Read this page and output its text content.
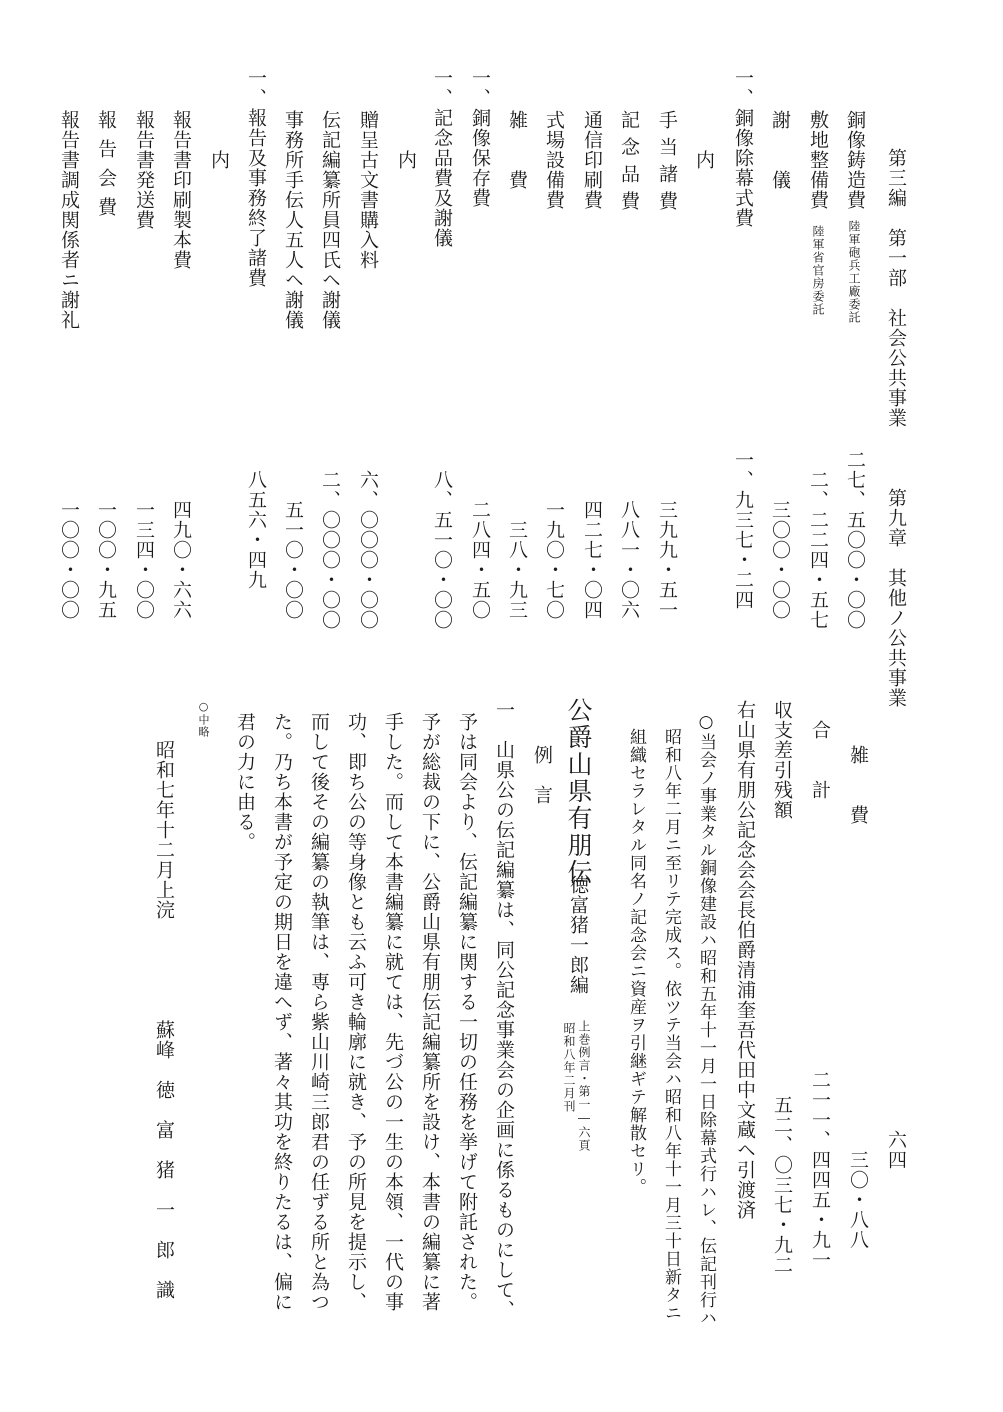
第三編　第一部　社会公共事業　　　第九章　其他ノ公共事業
六四
銅像鋳造費
陸軍砲兵工廠委託
敷地整備費
陸軍省官房委託
謝　　儀
一、銅像除幕式費
内
手当諸費
記念品費
通信印刷費
式場設備費
雑　　費
一、銅像保存費
一、記念品費及謝儀
内
贈呈古文書購入料
伝記編纂所員四氏ヘ謝儀
事務所手伝人五人ヘ謝儀
一、報告及事務終了諸費
内
報告書印刷製本費
報告書発送費
報告会費
報告書調成関係者ニ謝礼
二七、五〇〇・〇〇
二、二二四・五七
三〇〇・〇〇
一、九三七・二四
三九九・五一
八八一・〇六
四二七・〇四
一九〇・七〇
三八・九三
二八四・五〇
八、五一〇・〇〇
六、〇〇〇・〇〇
二、〇〇〇・〇〇
五一〇・〇〇
八五六・四九
四九〇・六六
一三四・〇〇
一〇〇・九五
一〇〇・〇〇
雑　　費
三〇・八八
合　　計
二一一、四四五・九一
収支差引残額
五二、〇三七・九二
右山県有朋公記念会会長伯爵清浦奎吾代田中文蔵ヘ引渡済
○当会ノ事業タル銅像建設ハ昭和五年十一月一日除幕式行ハレ、伝記刊行ハ
昭和八年二月ニ至リテ完成ス。依ツテ当会ハ昭和八年十一月三十日新タニ
組織セラレタル同名ノ記念会ニ資産ヲ引継ギテ解散セリ。
公爵山県有朋伝
徳富猪一郎編
上巻例言・第一―六頁
昭和八年二月刊
例　言
一　山県公の伝記編纂は、同公記念事業会の企画に係るものにして、
予は同会より、伝記編纂に関する一切の任務を挙げて附託された。
予が総裁の下に、公爵山県有朋伝記編纂所を設け、本書の編纂に著
手した。而して本書編纂に就ては、先づ公の一生の本領、一代の事
功、即ち公の等身像とも云ふ可き輪廓に就き、予の所見を提示し、
而して後その編纂の執筆は、専ら紫山川崎三郎君の任ずる所と為つ
た。乃ち本書が予定の期日を違へず、著々其功を終りたるは、偏に
君の力に由る。
○中略
昭和七年十二月上浣
蘇峰　徳　富　猪　一　郎　識
